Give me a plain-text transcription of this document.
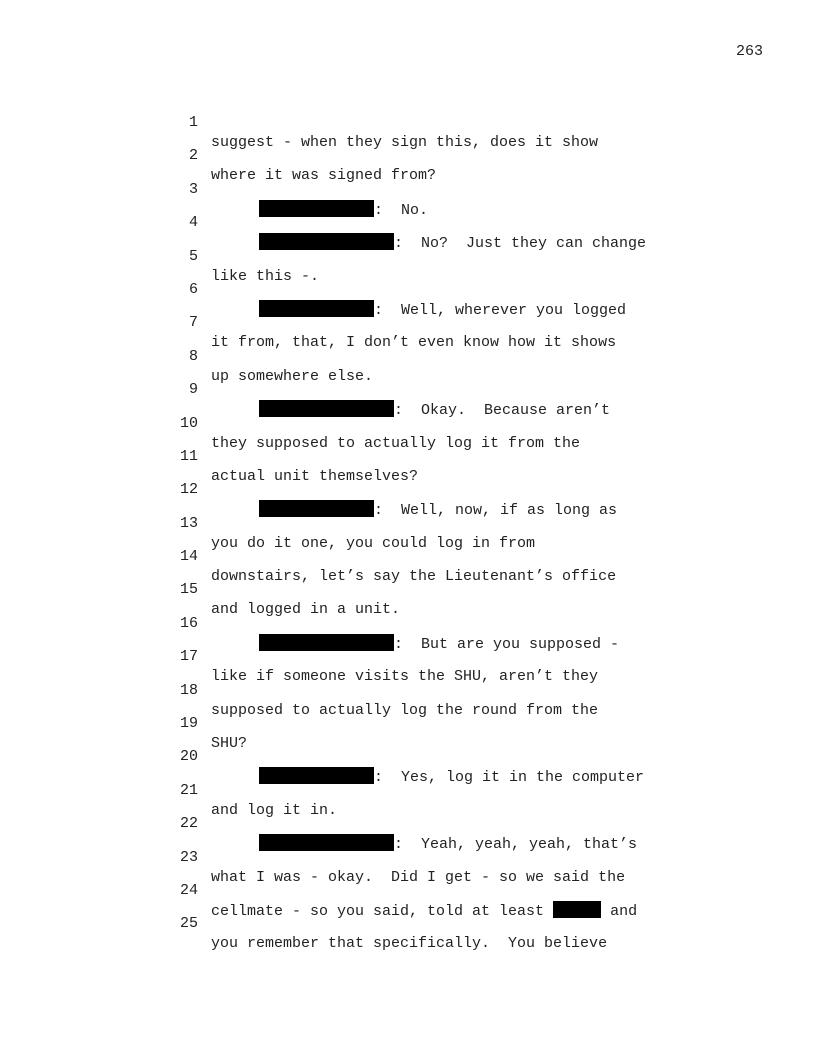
263

1

suggest - when they sign this, does it show

2

where it was signed from?

3

:  No.

4

:  No?  Just they can change

5

like this -.

6

:  Well, wherever you logged

7

it from, that, I don’t even know how it shows

8

up somewhere else.

9

:  Okay.  Because aren’t

10

they supposed to actually log it from the

11

actual unit themselves?

12

:  Well, now, if as long as

13

you do it one, you could log in from

14

downstairs, let’s say the Lieutenant’s office

15

and logged in a unit.

16

:  But are you supposed -

17

like if someone visits the SHU, aren’t they

18

supposed to actually log the round from the

19

SHU?

20

:  Yes, log it in the computer

21

and log it in.

22

:  Yeah, yeah, yeah, that’s

23

what I was - okay.  Did I get - so we said the

24

cellmate - so you said, told at least	and

25

you remember that specifically.  You believe
